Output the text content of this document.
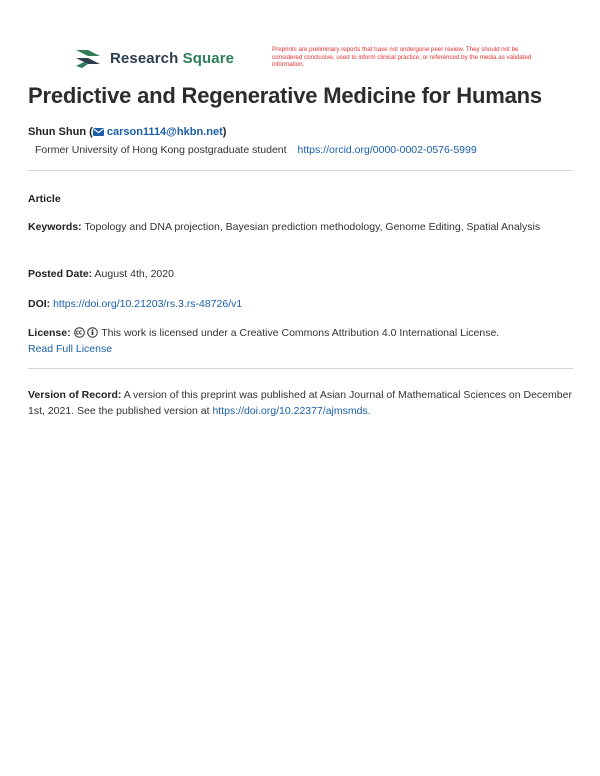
Research Square	Preprints are preliminary reports that have not undergone peer review. They should not be considered conclusive, used to inform clinical practice, or referenced by the media as validated information.
Predictive and Regenerative Medicine for Humans
Shun Shun ( carson1114@hkbn.net)
Former University of Hong Kong postgraduate student https://orcid.org/0000-0002-0576-5999
Article
Keywords: Topology and DNA projection, Bayesian prediction methodology, Genome Editing, Spatial Analysis
Posted Date: August 4th, 2020
DOI: https://doi.org/10.21203/rs.3.rs-48726/v1
License:	This work is licensed under a Creative Commons Attribution 4.0 International License.
Read Full License
Version of Record: A version of this preprint was published at Asian Journal of Mathematical Sciences on December 1st, 2021. See the published version at https://doi.org/10.22377/ajmsmds.
